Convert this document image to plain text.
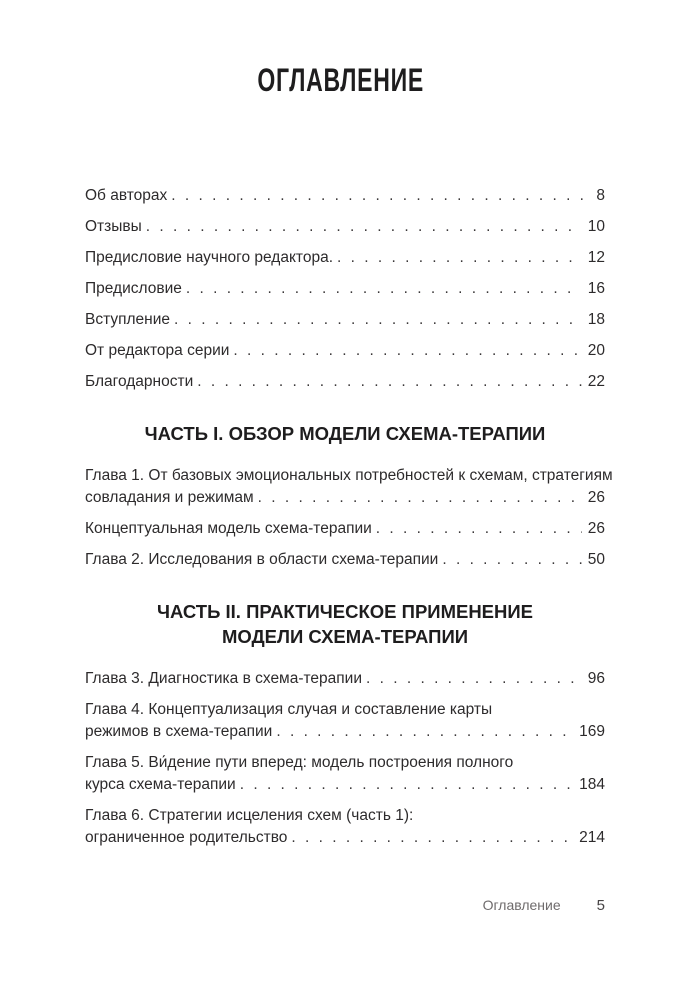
ОГЛАВЛЕНИЕ
Об авторах . . .	8
Отзывы . . .	10
Предисловие научного редактора. . . .	12
Предисловие . . .	16
Вступление . . .	18
От редактора серии . . .	20
Благодарности . . .	22
ЧАСТЬ I. ОБЗОР МОДЕЛИ СХЕМА-ТЕРАПИИ
Глава 1. От базовых эмоциональных потребностей к схемам, стратегиям
совладания и режимам . . .	26
Концептуальная модель схема-терапии . . .	26
Глава 2. Исследования в области схема-терапии . . .	50
ЧАСТЬ II. ПРАКТИЧЕСКОЕ ПРИМЕНЕНИЕ
МОДЕЛИ СХЕМА-ТЕРАПИИ
Глава 3. Диагностика в схема-терапии . . .	96
Глава 4. Концептуализация случая и составление карты
режимов в схема-терапии . . .	169
Глава 5. Ви́дение пути вперед: модель построения полного
курса схема-терапии . . .	184
Глава 6. Стратегии исцеления схем (часть 1):
ограниченное родительство . . .	214
Оглавление 5
